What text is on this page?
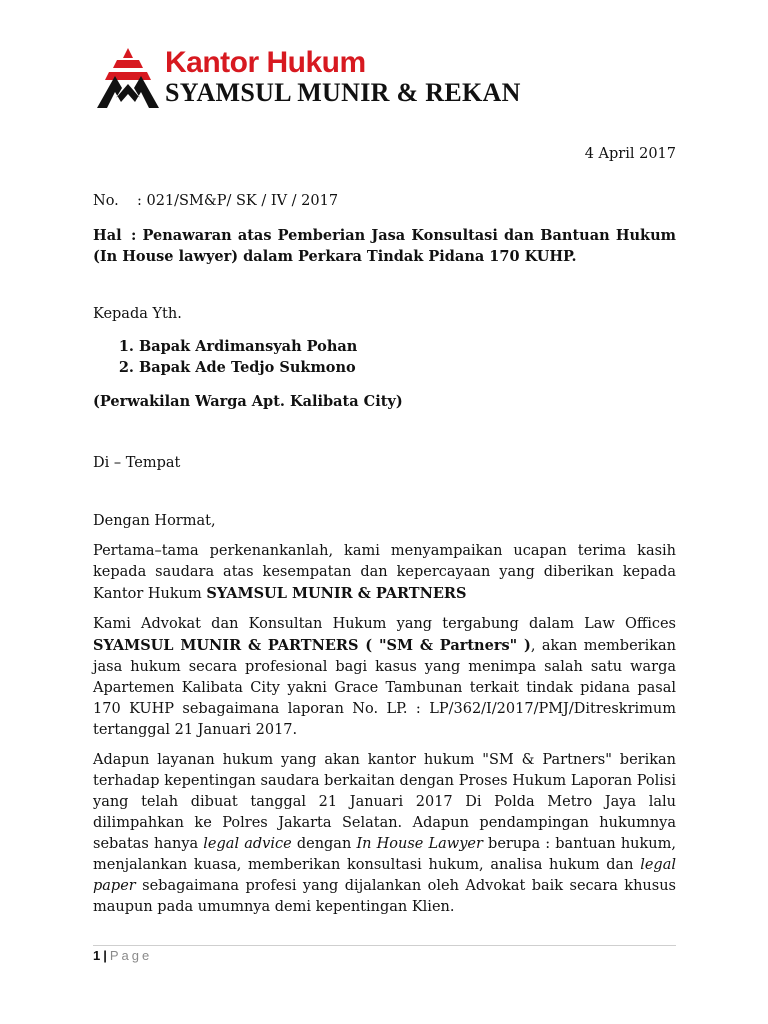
Kantor Hukum
SYAMSUL MUNIR & REKAN
4 April 2017
No. : 021/SM&P/ SK / IV / 2017
Hal : Penawaran atas Pemberian Jasa Konsultasi dan Bantuan Hukum (In House lawyer) dalam Perkara Tindak Pidana 170 KUHP.
Kepada Yth.
1. Bapak Ardimansyah Pohan
2. Bapak Ade Tedjo Sukmono
(Perwakilan Warga Apt. Kalibata City)
Di – Tempat
Dengan Hormat,
Pertama–tama perkenankanlah, kami menyampaikan ucapan terima kasih kepada saudara atas kesempatan dan kepercayaan yang diberikan kepada Kantor Hukum SYAMSUL MUNIR & PARTNERS
Kami Advokat dan Konsultan Hukum yang tergabung dalam Law Offices SYAMSUL MUNIR & PARTNERS ( "SM & Partners" ), akan memberikan jasa hukum secara profesional bagi kasus yang menimpa salah satu warga Apartemen Kalibata City yakni Grace Tambunan terkait tindak pidana pasal 170 KUHP sebagaimana laporan No. LP. : LP/362/I/2017/PMJ/Ditreskrimum tertanggal 21 Januari 2017.
Adapun layanan hukum yang akan kantor hukum "SM & Partners" berikan terhadap kepentingan saudara berkaitan dengan Proses Hukum Laporan Polisi yang telah dibuat tanggal 21 Januari 2017 Di Polda Metro Jaya lalu dilimpahkan ke Polres Jakarta Selatan. Adapun pendampingan hukumnya sebatas hanya legal advice dengan In House Lawyer berupa : bantuan hukum, menjalankan kuasa, memberikan konsultasi hukum, analisa hukum dan legal paper sebagaimana profesi yang dijalankan oleh Advokat baik secara khusus maupun pada umumnya demi kepentingan Klien.
1 | Page
